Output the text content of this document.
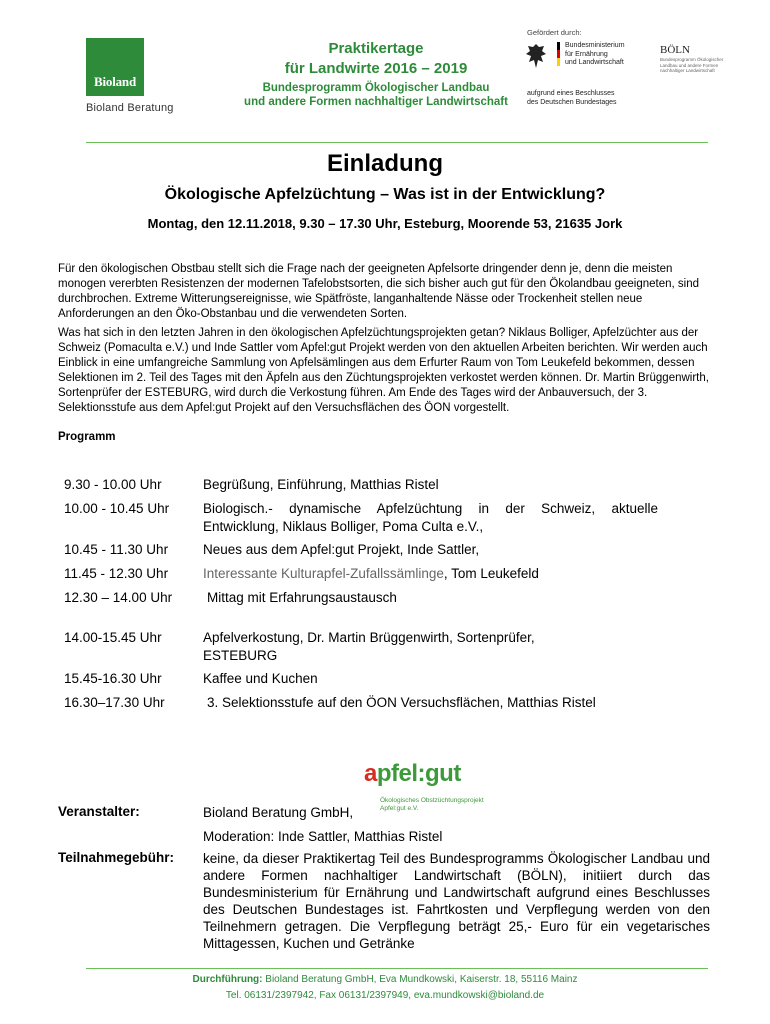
Bioland
Bioland Beratung
Praktikertage
für Landwirte 2016 – 2019
Bundesprogramm Ökologischer Landbau
und andere Formen nachhaltiger Landwirtschaft
Gefördert durch:
Bundesministerium
für Ernährung
und Landwirtschaft
BÖLN
Bundesprogramm Ökologischer Landbau und andere Formen nachhaltiger Landwirtschaft
aufgrund eines Beschlusses
des Deutschen Bundestages
Einladung
Ökologische Apfelzüchtung – Was ist in der Entwicklung?
Montag, den 12.11.2018, 9.30 – 17.30 Uhr, Esteburg, Moorende 53, 21635 Jork
Für den ökologischen Obstbau stellt sich die Frage nach der geeigneten Apfelsorte dringender denn je, denn die meisten monogen vererbten Resistenzen der modernen Tafelobstsorten, die sich bisher auch gut für den Ökolandbau geeigneten, sind durchbrochen. Extreme Witterungsereignisse, wie Spätfröste, langanhaltende Nässe oder Trockenheit stellen neue Anforderungen an den Öko-Obstanbau und die verwendeten Sorten.
Was hat sich in den letzten Jahren in den ökologischen Apfelzüchtungsprojekten getan? Niklaus Bolliger, Apfelzüchter aus der Schweiz (Pomaculta e.V.) und Inde Sattler vom Apfel:gut Projekt werden von den aktuellen Arbeiten berichten. Wir werden auch Einblick in eine umfangreiche Sammlung von Apfelsämlingen aus dem Erfurter Raum von Tom Leukefeld bekommen, dessen Selektionen im 2. Teil des Tages mit den Äpfeln aus den Züchtungsprojekten verkostet werden können. Dr. Martin Brüggenwirth, Sortenprüfer der ESTEBURG, wird durch die Verkostung führen. Am Ende des Tages wird der Anbauversuch, der 3. Selektionsstufe aus dem Apfel:gut Projekt auf den Versuchsflächen des ÖON vorgestellt.
Programm
9.30 - 10.00 Uhr	Begrüßung, Einführung, Matthias Ristel
10.00 - 10.45 Uhr	Biologisch.- dynamische Apfelzüchtung in der Schweiz, aktuelle Entwicklung, Niklaus Bolliger, Poma Culta e.V.,
10.45 - 11.30 Uhr	Neues aus dem Apfel:gut Projekt, Inde Sattler,
11.45 - 12.30 Uhr	Interessante Kulturapfel-Zufallssämlinge, Tom Leukefeld
12.30 – 14.00 Uhr	Mittag mit Erfahrungsaustausch
14.00-15.45 Uhr	Apfelverkostung, Dr. Martin Brüggenwirth, Sortenprüfer, ESTEBURG
15.45-16.30 Uhr	Kaffee und Kuchen
16.30–17.30 Uhr	3. Selektionsstufe auf den ÖON Versuchsflächen, Matthias Ristel
apfel:gut
Ökologisches Obstzüchtungsprojekt
Apfel:gut e.V.
Veranstalter:	Bioland Beratung GmbH,
Moderation: Inde Sattler, Matthias Ristel
Teilnahmegebühr: keine, da dieser Praktikertag Teil des Bundesprogramms Ökologischer Landbau und andere Formen nachhaltiger Landwirtschaft (BÖLN), initiiert durch das Bundesministerium für Ernährung und Landwirtschaft aufgrund eines Beschlusses des Deutschen Bundestages ist. Fahrtkosten und Verpflegung werden von den Teilnehmern getragen. Die Verpflegung beträgt 25,- Euro für ein vegetarisches Mittagessen, Kuchen und Getränke
Durchführung: Bioland Beratung GmbH, Eva Mundkowski, Kaiserstr. 18, 55116 Mainz
Tel. 06131/2397942, Fax 06131/2397949, eva.mundkowski@bioland.de
